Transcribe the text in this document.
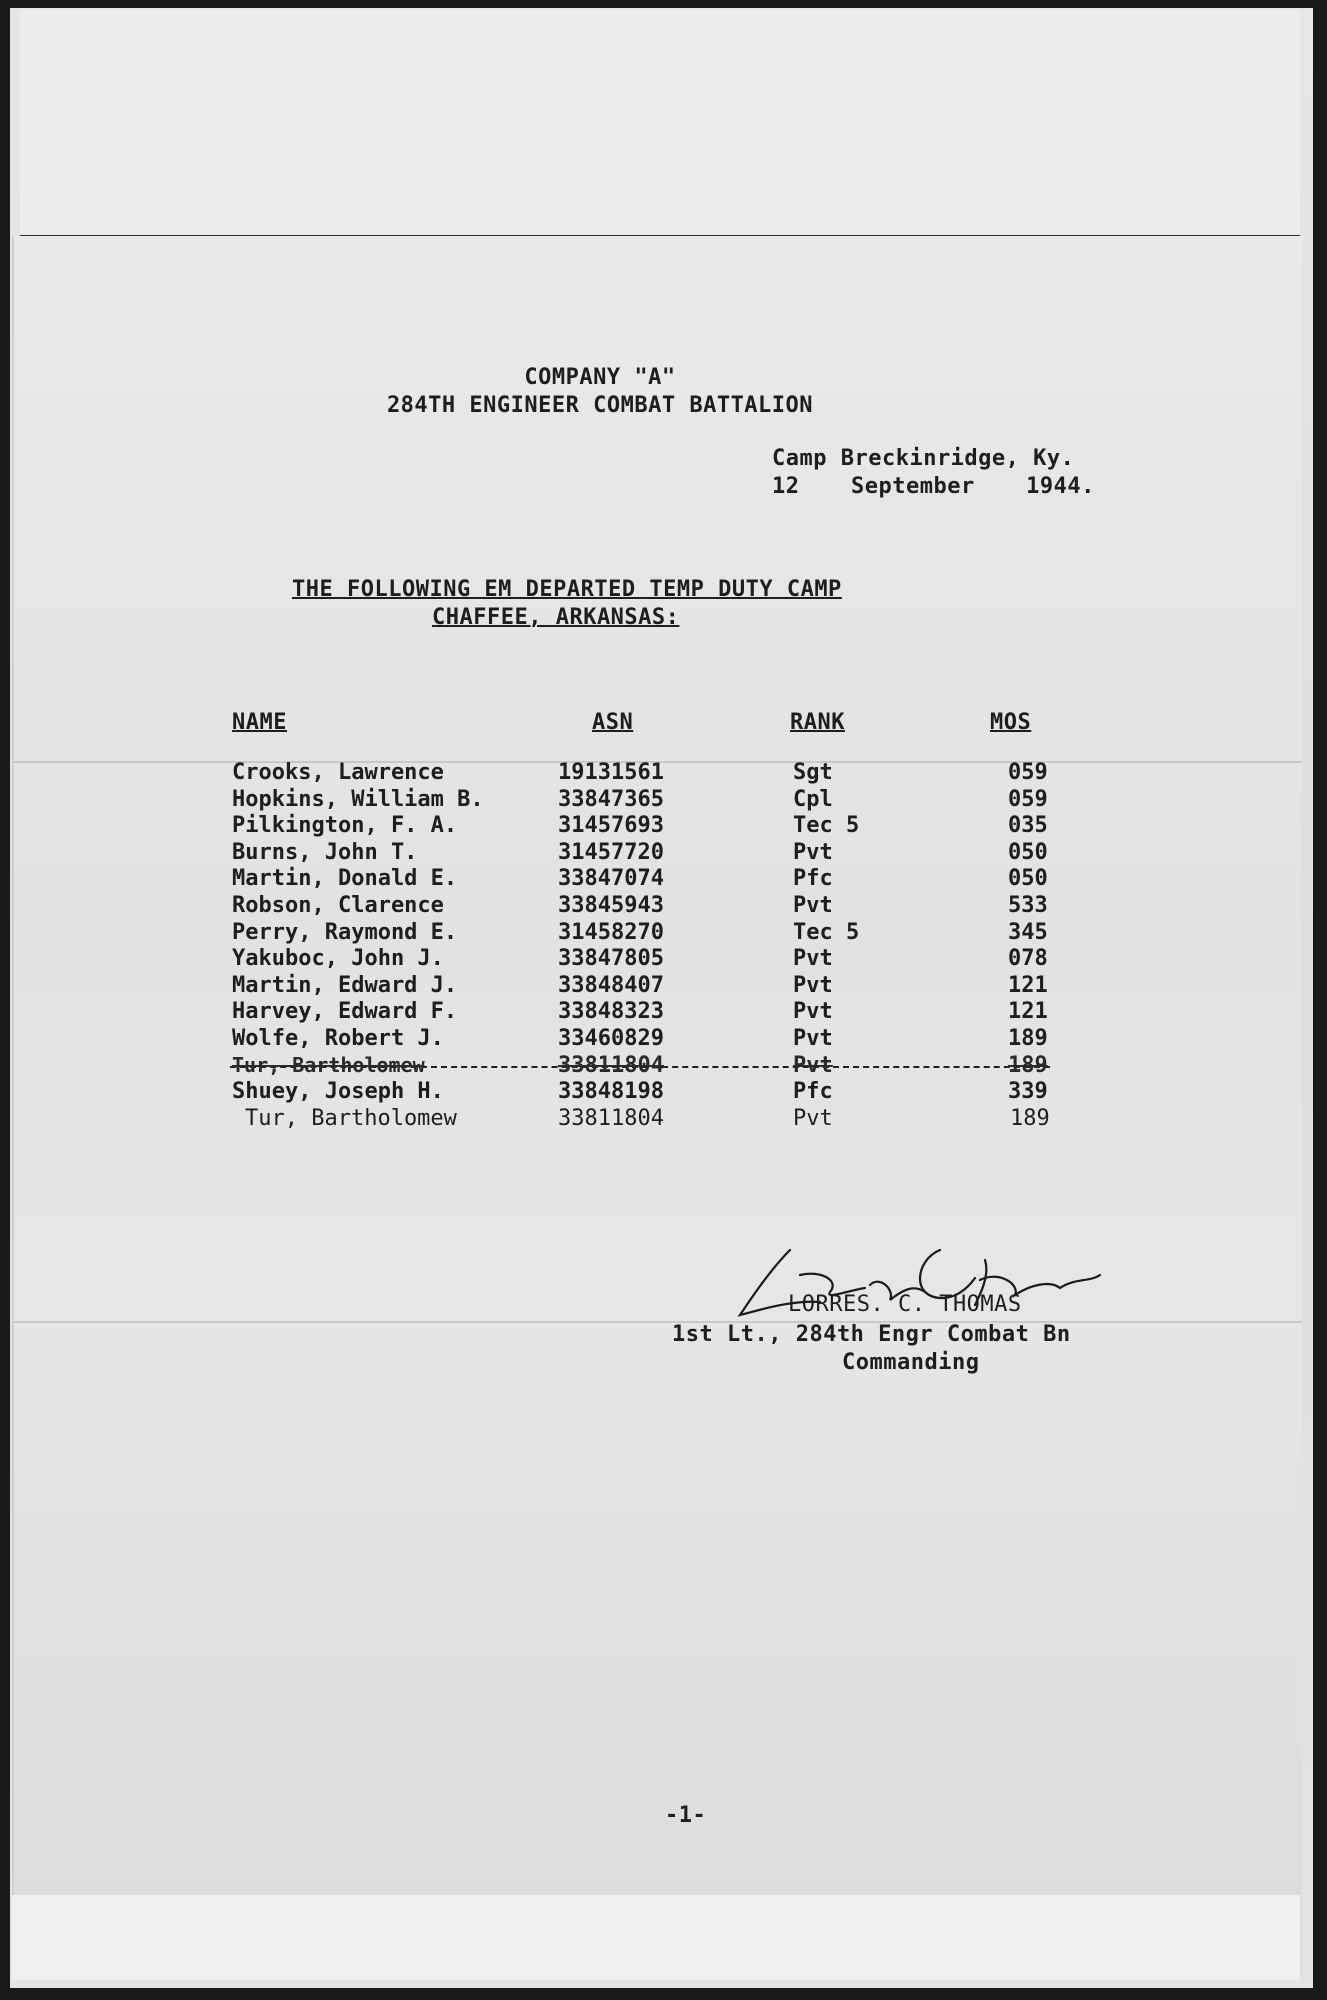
COMPANY "A"
284TH ENGINEER COMBAT BATTALION
Camp Breckinridge, Ky.
12  September  1944.
THE FOLLOWING EM DEPARTED TEMP DUTY CAMP
CHAFFEE, ARKANSAS:
NAME	ASN	RANK	MOS
Crooks, Lawrence	19131561	Sgt	059
Hopkins, William B.	33847365	Cpl	059
Pilkington, F. A.	31457693	Tec 5	035
Burns, John T.	31457720	Pvt	050
Martin, Donald E.	33847074	Pfc	050
Robson, Clarence	33845943	Pvt	533
Perry, Raymond E.	31458270	Tec 5	345
Yakuboc, John J.	33847805	Pvt	078
Martin, Edward J.	33848407	Pvt	121
Harvey, Edward F.	33848323	Pvt	121
Wolfe, Robert J.	33460829	Pvt	189
Tur, Bartholomew	33811804	Pvt	189
Shuey, Joseph H.	33848198	Pfc	339
Tur, Bartholomew	33811804	Pvt	189
LORRES. C. THOMAS
1st Lt., 284th Engr Combat Bn
Commanding
-1-
